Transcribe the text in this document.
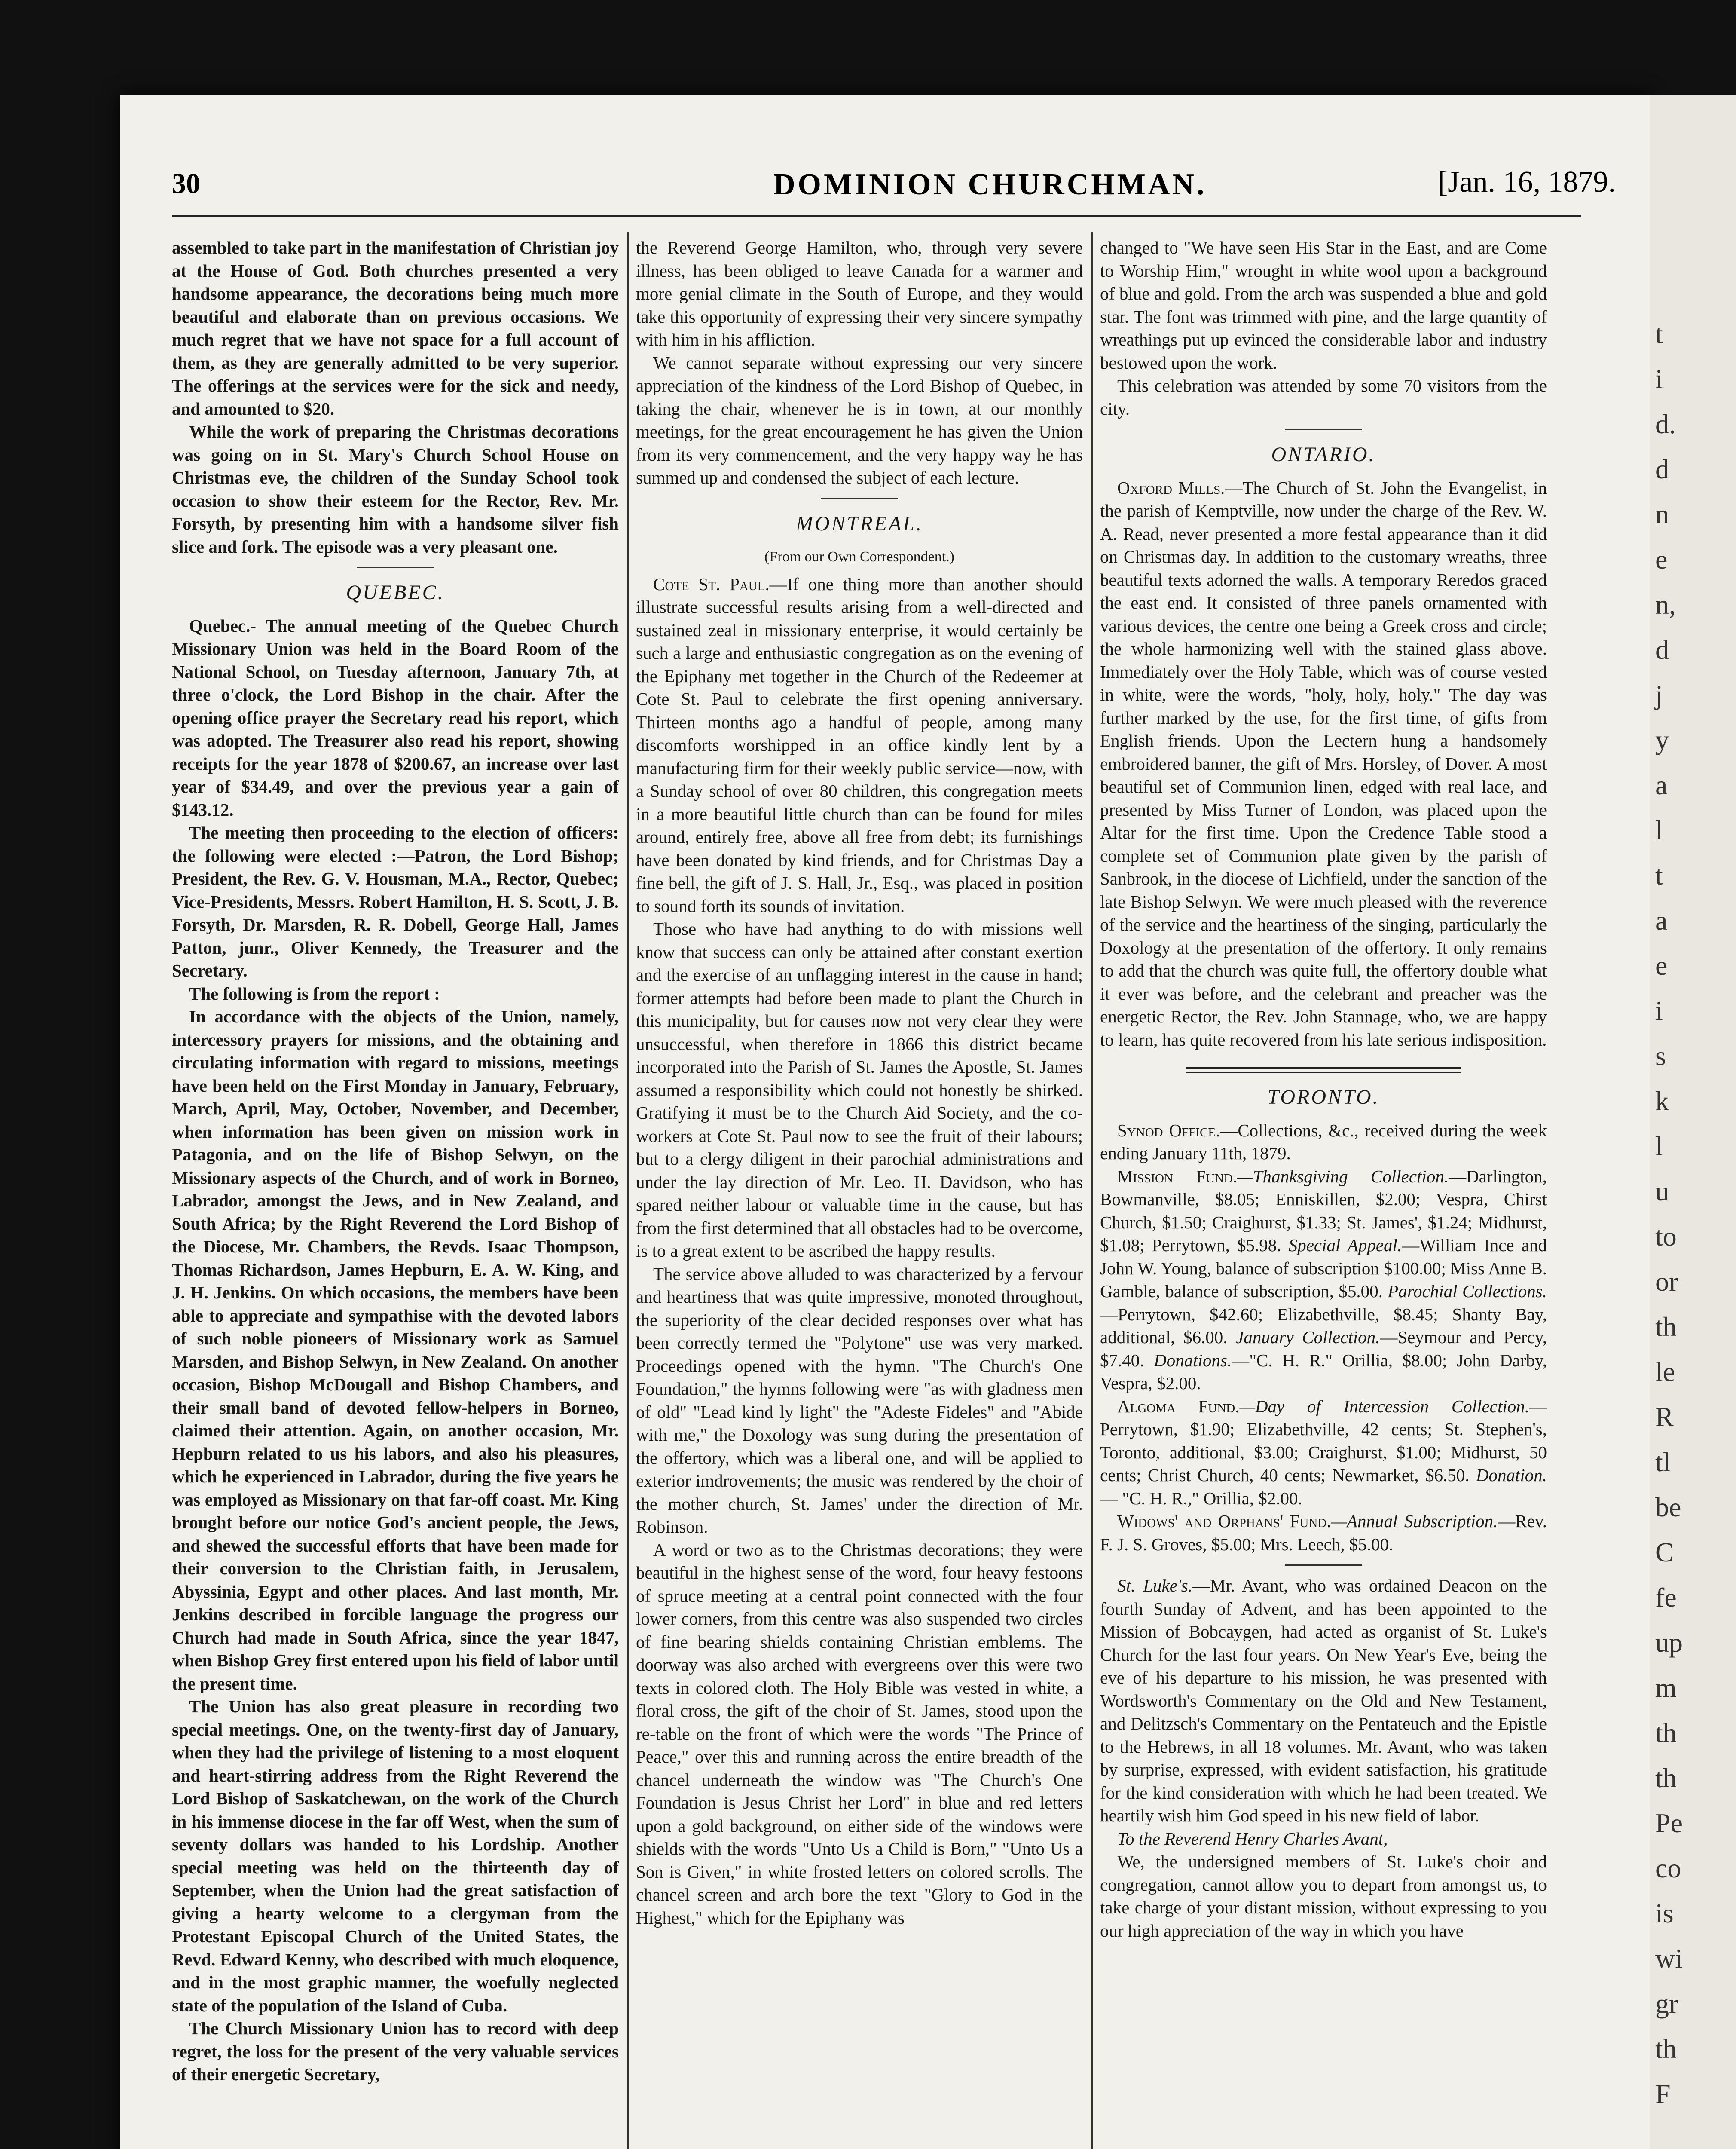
30	DOMINION CHURCHMAN.	[Jan. 16, 1879.

assembled to take part in the manifestation of Christian joy at the House of God. Both churches presented a very handsome appearance, the decorations being much more beautiful and elaborate than on previous occasions. We much regret that we have not space for a full account of them, as they are generally admitted to be very superior. The offerings at the services were for the sick and needy, and amounted to $20.

While the work of preparing the Christmas decorations was going on in St. Mary's Church School House on Christmas eve, the children of the Sunday School took occasion to show their esteem for the Rector, Rev. Mr. Forsyth, by presenting him with a handsome silver fish slice and fork. The episode was a very pleasant one.

QUEBEC.

Quebec.- The annual meeting of the Quebec Church Missionary Union was held in the Board Room of the National School, on Tuesday afternoon, January 7th, at three o'clock, the Lord Bishop in the chair. After the opening office prayer the Secretary read his report, which was adopted. The Treasurer also read his report, showing receipts for the year 1878 of $200.67, an increase over last year of $34.49, and over the previous year a gain of $143.12.

The meeting then proceeding to the election of officers: the following were elected :—Patron, the Lord Bishop; President, the Rev. G. V. Housman, M.A., Rector, Quebec; Vice-Presidents, Messrs. Robert Hamilton, H. S. Scott, J. B. Forsyth, Dr. Marsden, R. R. Dobell, George Hall, James Patton, junr., Oliver Kennedy, the Treasurer and the Secretary.

The following is from the report :

In accordance with the objects of the Union, namely, intercessory prayers for missions, and the obtaining and circulating information with regard to missions, meetings have been held on the First Monday in January, February, March, April, May, October, November, and December, when information has been given on mission work in Patagonia, and on the life of Bishop Selwyn, on the Missionary aspects of the Church, and of work in Borneo, Labrador, amongst the Jews, and in New Zealand, and South Africa; by the Right Reverend the Lord Bishop of the Diocese, Mr. Chambers, the Revds. Isaac Thompson, Thomas Richardson, James Hepburn, E. A. W. King, and J. H. Jenkins. On which occasions, the members have been able to appreciate and sympathise with the devoted labors of such noble pioneers of Missionary work as Samuel Marsden, and Bishop Selwyn, in New Zealand. On another occasion, Bishop McDougall and Bishop Chambers, and their small band of devoted fellow-helpers in Borneo, claimed their attention. Again, on another occasion, Mr. Hepburn related to us his labors, and also his pleasures, which he experienced in Labrador, during the five years he was employed as Missionary on that far-off coast. Mr. King brought before our notice God's ancient people, the Jews, and shewed the successful efforts that have been made for their conversion to the Christian faith, in Jerusalem, Abyssinia, Egypt and other places. And last month, Mr. Jenkins described in forcible language the progress our Church had made in South Africa, since the year 1847, when Bishop Grey first entered upon his field of labor until the present time.

The Union has also great pleasure in recording two special meetings. One, on the twenty-first day of January, when they had the privilege of listening to a most eloquent and heart-stirring address from the Right Reverend the Lord Bishop of Saskatchewan, on the work of the Church in his immense diocese in the far off West, when the sum of seventy dollars was handed to his Lordship. Another special meeting was held on the thirteenth day of September, when the Union had the great satisfaction of giving a hearty welcome to a clergyman from the Protestant Episcopal Church of the United States, the Revd. Edward Kenny, who described with much eloquence, and in the most graphic manner, the woefully neglected state of the population of the Island of Cuba.

The Church Missionary Union has to record with deep regret, the loss for the present of the very valuable services of their energetic Secretary,

the Reverend George Hamilton, who, through very severe illness, has been obliged to leave Canada for a warmer and more genial climate in the South of Europe, and they would take this opportunity of expressing their very sincere sympathy with him in his affliction.

We cannot separate without expressing our very sincere appreciation of the kindness of the Lord Bishop of Quebec, in taking the chair, whenever he is in town, at our monthly meetings, for the great encouragement he has given the Union from its very commencement, and the very happy way he has summed up and condensed the subject of each lecture.

MONTREAL.
(From our Own Correspondent.)

Cote St. Paul.—If one thing more than another should illustrate successful results arising from a well-directed and sustained zeal in missionary enterprise, it would certainly be such a large and enthusiastic congregation as on the evening of the Epiphany met together in the Church of the Redeemer at Cote St. Paul to celebrate the first opening anniversary. Thirteen months ago a handful of people, among many discomforts worshipped in an office kindly lent by a manufacturing firm for their weekly public service—now, with a Sunday school of over 80 children, this congregation meets in a more beautiful little church than can be found for miles around, entirely free, above all free from debt; its furnishings have been donated by kind friends, and for Christmas Day a fine bell, the gift of J. S. Hall, Jr., Esq., was placed in position to sound forth its sounds of invitation.

Those who have had anything to do with missions well know that success can only be attained after constant exertion and the exercise of an unflagging interest in the cause in hand; former attempts had before been made to plant the Church in this municipality, but for causes now not very clear they were unsuccessful, when therefore in 1866 this district became incorporated into the Parish of St. James the Apostle, St. James assumed a responsibility which could not honestly be shirked. Gratifying it must be to the Church Aid Society, and the co-workers at Cote St. Paul now to see the fruit of their labours; but to a clergy diligent in their parochial administrations and under the lay direction of Mr. Leo. H. Davidson, who has spared neither labour or valuable time in the cause, but has from the first determined that all obstacles had to be overcome, is to a great extent to be ascribed the happy results.

The service above alluded to was characterized by a fervour and heartiness that was quite impressive, monoted throughout, the superiority of the clear decided responses over what has been correctly termed the "Polytone" use was very marked. Proceedings opened with the hymn. "The Church's One Foundation," the hymns following were "as with gladness men of old" "Lead kind ly light" the "Adeste Fideles" and "Abide with me," the Doxology was sung during the presentation of the offertory, which was a liberal one, and will be applied to exterior imdrovements; the music was rendered by the choir of the mother church, St. James' under the direction of Mr. Robinson.

A word or two as to the Christmas decorations; they were beautiful in the highest sense of the word, four heavy festoons of spruce meeting at a central point connected with the four lower corners, from this centre was also suspended two circles of fine bearing shields containing Christian emblems. The doorway was also arched with evergreens over this were two texts in colored cloth. The Holy Bible was vested in white, a floral cross, the gift of the choir of St. James, stood upon the re-table on the front of which were the words "The Prince of Peace," over this and running across the entire breadth of the chancel underneath the window was "The Church's One Foundation is Jesus Christ her Lord" in blue and red letters upon a gold background, on either side of the windows were shields with the words "Unto Us a Child is Born," "Unto Us a Son is Given," in white frosted letters on colored scrolls. The chancel screen and arch bore the text "Glory to God in the Highest," which for the Epiphany was

changed to "We have seen His Star in the East, and are Come to Worship Him," wrought in white wool upon a background of blue and gold. From the arch was suspended a blue and gold star. The font was trimmed with pine, and the large quantity of wreathings put up evinced the considerable labor and industry bestowed upon the work.

This celebration was attended by some 70 visitors from the city.

ONTARIO.

Oxford Mills.—The Church of St. John the Evangelist, in the parish of Kemptville, now under the charge of the Rev. W. A. Read, never presented a more festal appearance than it did on Christmas day. In addition to the customary wreaths, three beautiful texts adorned the walls. A temporary Reredos graced the east end. It consisted of three panels ornamented with various devices, the centre one being a Greek cross and circle; the whole harmonizing well with the stained glass above. Immediately over the Holy Table, which was of course vested in white, were the words, "holy, holy, holy." The day was further marked by the use, for the first time, of gifts from English friends. Upon the Lectern hung a handsomely embroidered banner, the gift of Mrs. Horsley, of Dover. A most beautiful set of Communion linen, edged with real lace, and presented by Miss Turner of London, was placed upon the Altar for the first time. Upon the Credence Table stood a complete set of Communion plate given by the parish of Sanbrook, in the diocese of Lichfield, under the sanction of the late Bishop Selwyn. We were much pleased with the reverence of the service and the heartiness of the singing, particularly the Doxology at the presentation of the offertory. It only remains to add that the church was quite full, the offertory double what it ever was before, and the celebrant and preacher was the energetic Rector, the Rev. John Stannage, who, we are happy to learn, has quite recovered from his late serious indisposition.

TORONTO.

Synod Office.—Collections, &c., received during the week ending January 11th, 1879.

Mission Fund.—Thanksgiving Collection.—Darlington, Bowmanville, $8.05; Enniskillen, $2.00; Vespra, Chirst Church, $1.50; Craighurst, $1.33; St. James', $1.24; Midhurst, $1.08; Perrytown, $5.98. Special Appeal.—William Ince and John W. Young, balance of subscription $100.00; Miss Anne B. Gamble, balance of subscription, $5.00. Parochial Collections.—Perrytown, $42.60; Elizabethville, $8.45; Shanty Bay, additional, $6.00. January Collection.—Seymour and Percy, $7.40. Donations.—"C. H. R." Orillia, $8.00; John Darby, Vespra, $2.00.

Algoma Fund.—Day of Intercession Collection.—Perrytown, $1.90; Elizabethville, 42 cents; St. Stephen's, Toronto, additional, $3.00; Craighurst, $1.00; Midhurst, 50 cents; Christ Church, 40 cents; Newmarket, $6.50. Donation.— "C. H. R.," Orillia, $2.00.

Widows' and Orphans' Fund.—Annual Subscription.—Rev. F. J. S. Groves, $5.00; Mrs. Leech, $5.00.

St. Luke's.—Mr. Avant, who was ordained Deacon on the fourth Sunday of Advent, and has been appointed to the Mission of Bobcaygen, had acted as organist of St. Luke's Church for the last four years. On New Year's Eve, being the eve of his departure to his mission, he was presented with Wordsworth's Commentary on the Old and New Testament, and Delitzsch's Commentary on the Pentateuch and the Epistle to the Hebrews, in all 18 volumes. Mr. Avant, who was taken by surprise, expressed, with evident satisfaction, his gratitude for the kind consideration with which he had been treated. We heartily wish him God speed in his new field of labor.

To the Reverend Henry Charles Avant,

We, the undersigned members of St. Luke's choir and congregation, cannot allow you to depart from amongst us, to take charge of your distant mission, without expressing to you our high appreciation of the way in which you have

t
i
d.
d
n
e
n,
d
j
y
a
l
t
a
e
i
s
k
l
u
to
or
th
le
R
tl
be
C
fe
up
m
th
th
Pe
co
is
wi
gr
th
F
